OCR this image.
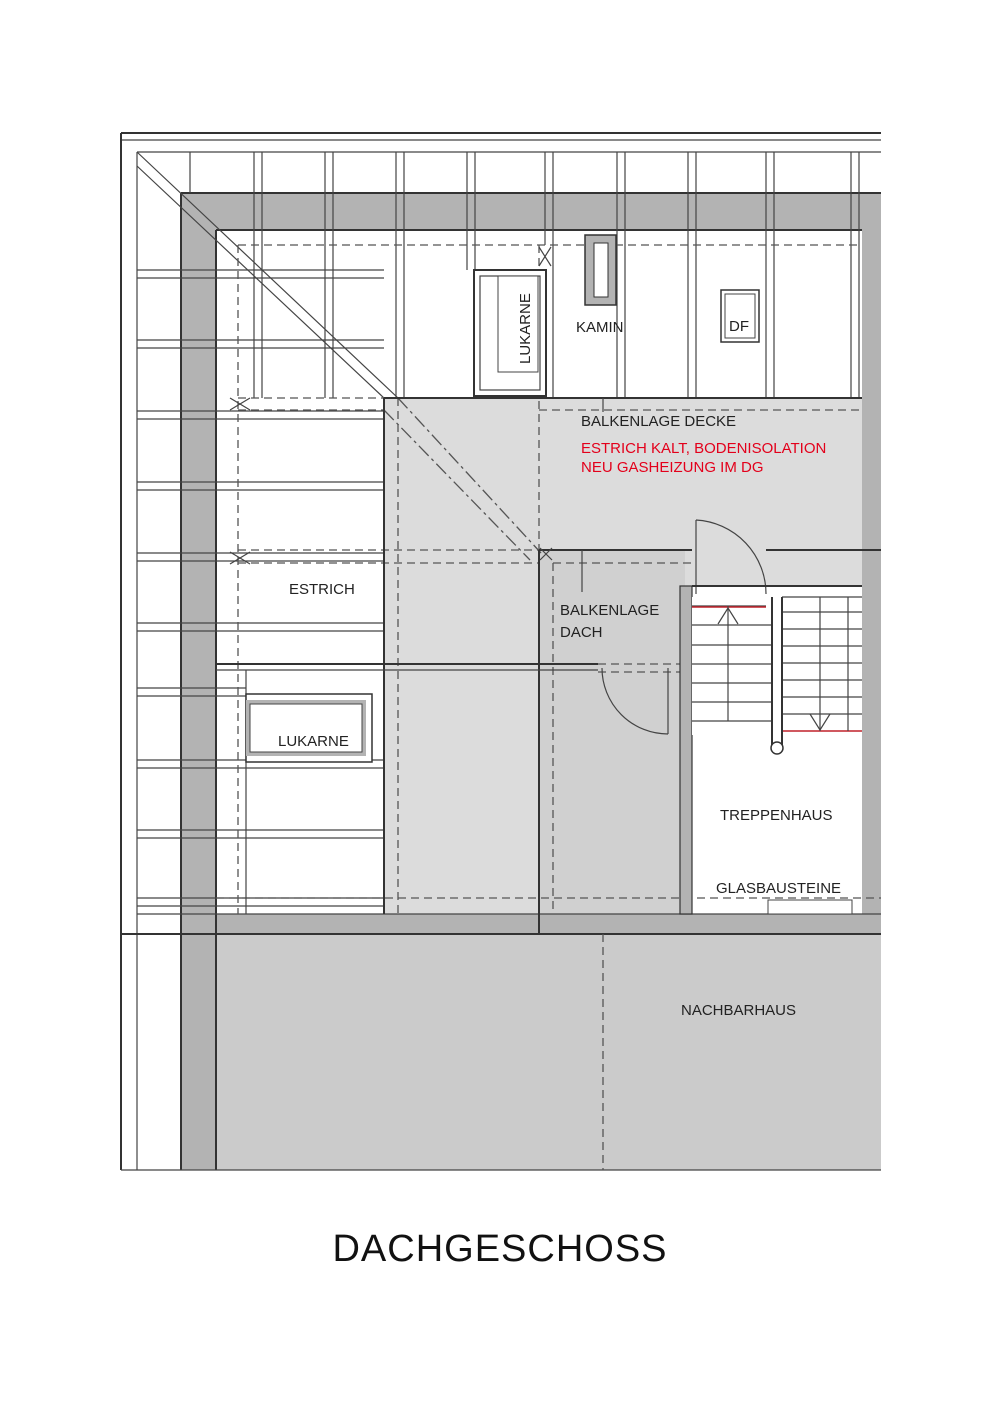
LUKARNE	KAMIN	DF
BALKENLAGE DECKE
ESTRICH KALT, BODENISOLATION
NEU GASHEIZUNG IM DG
ESTRICH
BALKENLAGE
DACH
LUKARNE
TREPPENHAUS
GLASBAUSTEINE
NACHBARHAUS
DACHGESCHOSS
